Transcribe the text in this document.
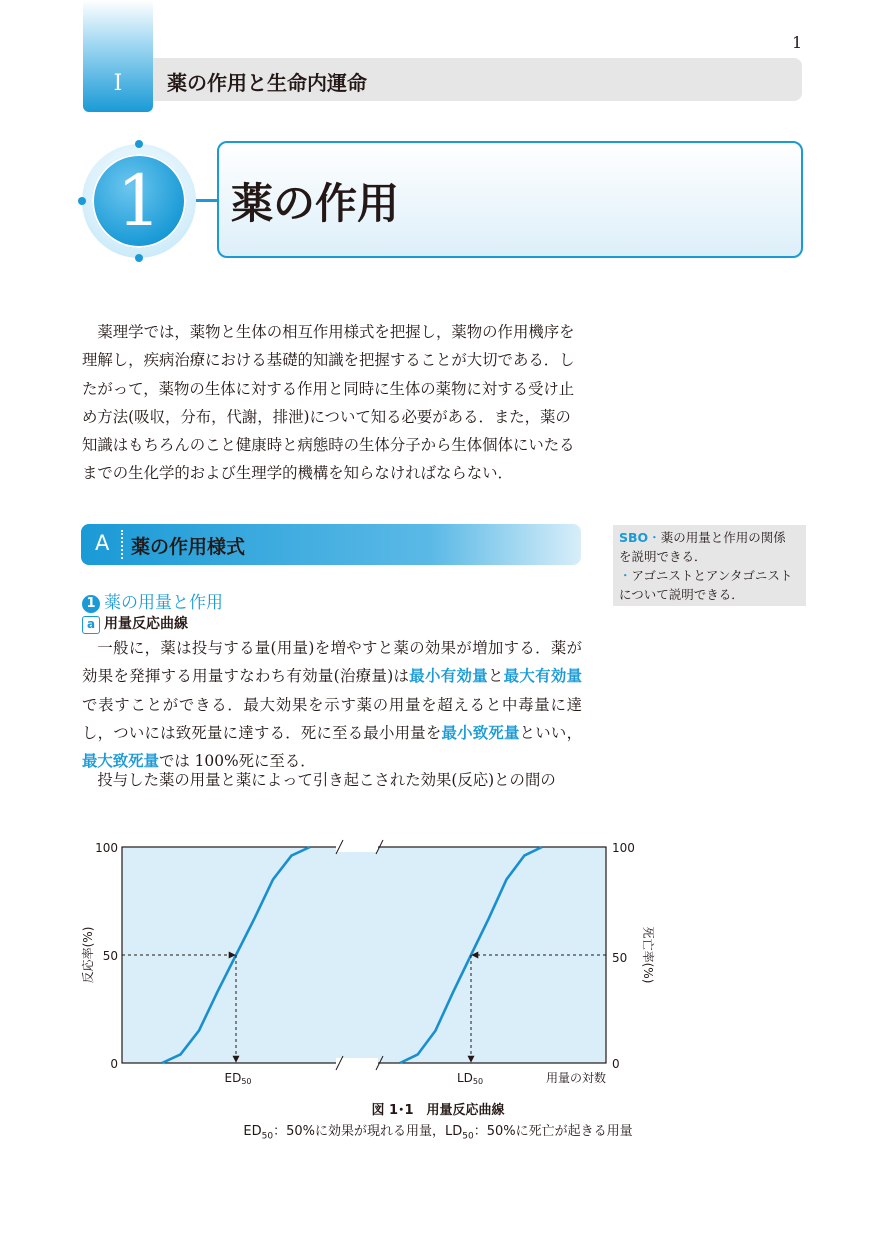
I	薬の作用と生命内運命
1
1	薬の作用
薬理学では，薬物と生体の相互作用様式を把握し，薬物の作用機序を
理解し，疾病治療における基礎的知識を把握することが大切である．し
たがって，薬物の生体に対する作用と同時に生体の薬物に対する受け止
め方法(吸収，分布，代謝，排泄)について知る必要がある．また，薬の
知識はもちろんのこと健康時と病態時の生体分子から生体個体にいたる
までの生化学的および生理学的機構を知らなければならない．
A 薬の作用様式	SBO・薬の用量と作用の関係
を説明できる．
・アゴニストとアンタゴニスト
について説明できる．
1 薬の用量と作用
a 用量反応曲線

一般に，薬は投与する量(用量)を増やすと薬の効果が増加する．薬が効果を発揮する用量すなわち有効量(治療量)は最小有効量と最大有効量で表すことができる．最大効果を示す薬の用量を超えると中毒量に達し，ついには致死量に達する．死に至る最小用量を最小致死量といい，最大致死量では 100%死に至る．

投与した薬の用量と薬によって引き起こされた効果(反応)との間の

100
50
0
100
50
0
反応率(%)	死亡率(%)
用量の対数
ED50	LD50
図 1･1　用量反応曲線
$ED_{50}$：50%に効果が現れる用量，$LD_{50}$：50%に死亡が起きる用量
